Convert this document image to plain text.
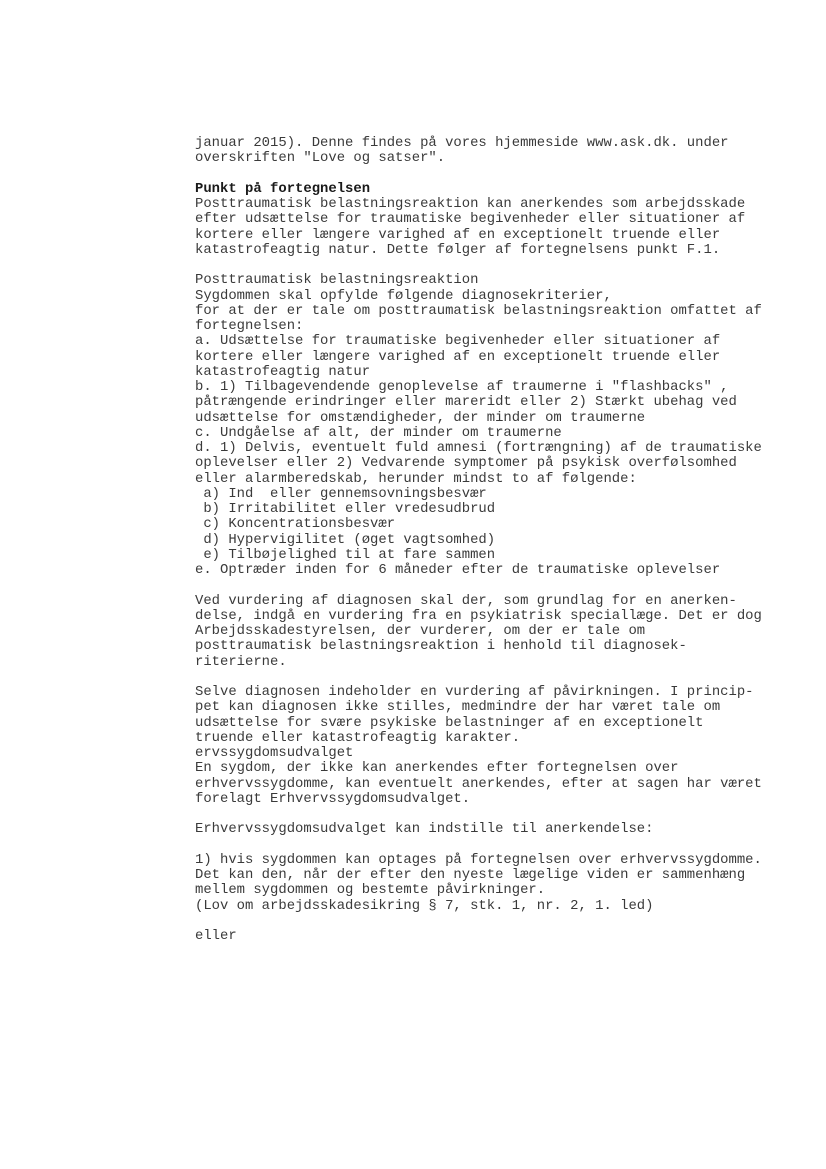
januar 2015). Denne findes på vores hjemmeside www.ask.dk. under

overskriften "Love og satser".

Punkt på fortegnelsen

Posttraumatisk belastningsreaktion kan anerkendes som arbejdsskade

efter udsættelse for traumatiske begivenheder eller situationer af

kortere eller længere varighed af en exceptionelt truende eller

katastrofeagtig natur. Dette følger af fortegnelsens punkt F.1.

Posttraumatisk belastningsreaktion

Sygdommen skal opfylde følgende diagnosekriterier,

for at der er tale om posttraumatisk belastningsreaktion omfattet af

fortegnelsen:

a. Udsættelse for traumatiske begivenheder eller situationer af

kortere eller længere varighed af en exceptionelt truende eller

katastrofeagtig natur

b. 1) Tilbagevendende genoplevelse af traumerne i "flashbacks" ,

påtrængende erindringer eller mareridt eller 2) Stærkt ubehag ved

udsættelse for omstændigheder, der minder om traumerne

c. Undgåelse af alt, der minder om traumerne

d. 1) Delvis, eventuelt fuld amnesi (fortrængning) af de traumatiske

oplevelser eller 2) Vedvarende symptomer på psykisk overfølsomhed

eller alarmberedskab, herunder mindst to af følgende:

a) Ind  eller gennemsovningsbesvær

b) Irritabilitet eller vredesudbrud

c) Koncentrationsbesvær

d) Hypervigilitet (øget vagtsomhed)

e) Tilbøjelighed til at fare sammen

e. Optræder inden for 6 måneder efter de traumatiske oplevelser

Ved vurdering af diagnosen skal der, som grundlag for en anerken-

delse, indgå en vurdering fra en psykiatrisk speciallæge. Det er dog

Arbejdsskadestyrelsen, der vurderer, om der er tale om

posttraumatisk belastningsreaktion i henhold til diagnosek-

riterierne.

Selve diagnosen indeholder en vurdering af påvirkningen. I princip-

pet kan diagnosen ikke stilles, medmindre der har været tale om

udsættelse for svære psykiske belastninger af en exceptionelt

truende eller katastrofeagtig karakter.

ervssygdomsudvalget

En sygdom, der ikke kan anerkendes efter fortegnelsen over

erhvervssygdomme, kan eventuelt anerkendes, efter at sagen har været

forelagt Erhvervssygdomsudvalget.

Erhvervssygdomsudvalget kan indstille til anerkendelse:

1) hvis sygdommen kan optages på fortegnelsen over erhvervssygdomme.

Det kan den, når der efter den nyeste lægelige viden er sammenhæng

mellem sygdommen og bestemte påvirkninger.

(Lov om arbejdsskadesikring § 7, stk. 1, nr. 2, 1. led)

eller
